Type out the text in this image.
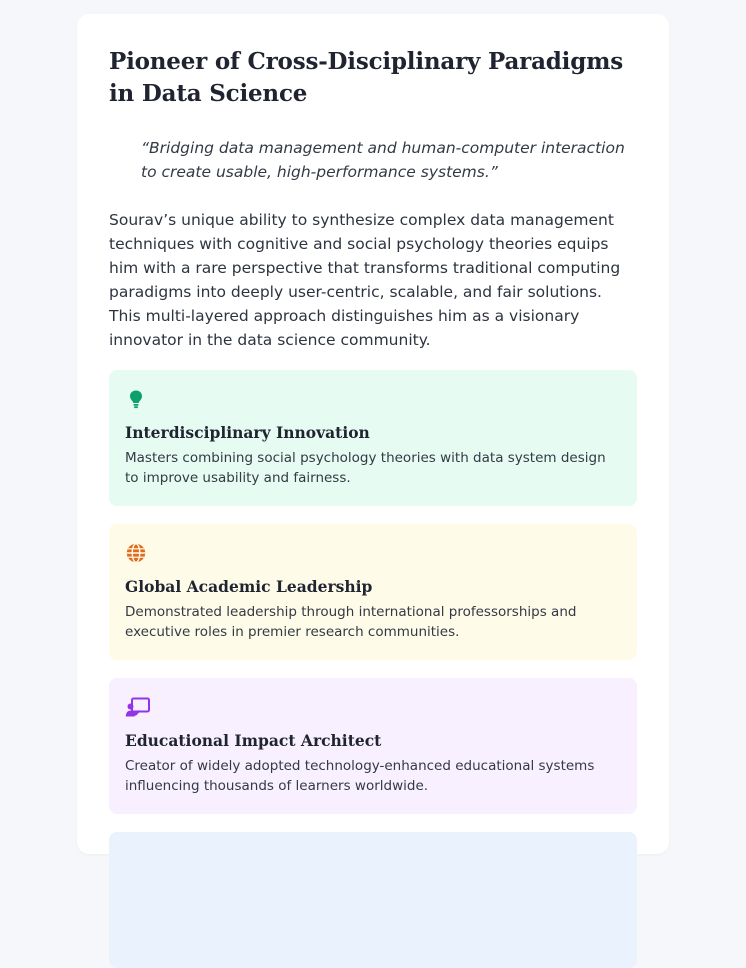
Pioneer of Cross-Disciplinary Paradigms in Data Science
“Bridging data management and human-computer interaction to create usable, high-performance systems.”
Sourav’s unique ability to synthesize complex data management techniques with cognitive and social psychology theories equips him with a rare perspective that transforms traditional computing paradigms into deeply user-centric, scalable, and fair solutions. This multi-layered approach distinguishes him as a visionary innovator in the data science community.
Interdisciplinary Innovation
Masters combining social psychology theories with data system design to improve usability and fairness.
Global Academic Leadership
Demonstrated leadership through international professorships and executive roles in premier research communities.
Educational Impact Architect
Creator of widely adopted technology-enhanced educational systems influencing thousands of learners worldwide.
